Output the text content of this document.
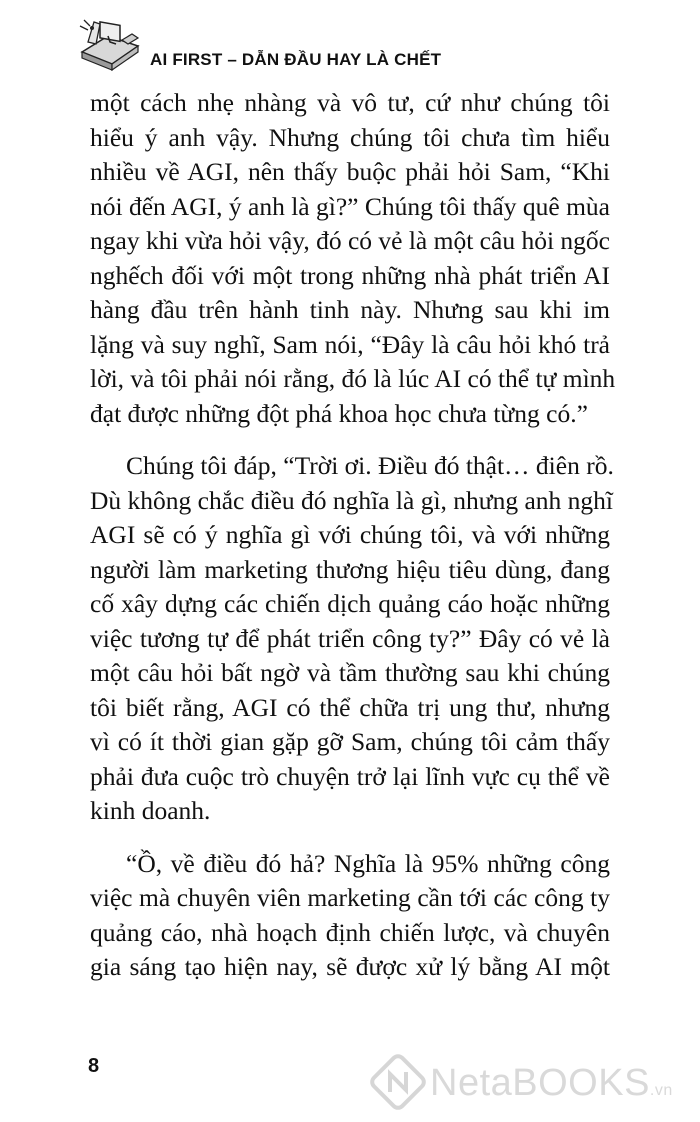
AI FIRST – DẪN ĐẦU HAY LÀ CHẾT

một cách nhẹ nhàng và vô tư, cứ như chúng tôi
hiểu ý anh vậy. Nhưng chúng tôi chưa tìm hiểu
nhiều về AGI, nên thấy buộc phải hỏi Sam, “Khi
nói đến AGI, ý anh là gì?” Chúng tôi thấy quê mùa
ngay khi vừa hỏi vậy, đó có vẻ là một câu hỏi ngốc
nghếch đối với một trong những nhà phát triển AI
hàng đầu trên hành tinh này. Nhưng sau khi im
lặng và suy nghĩ, Sam nói, “Đây là câu hỏi khó trả
lời, và tôi phải nói rằng, đó là lúc AI có thể tự mình
đạt được những đột phá khoa học chưa từng có.”

Chúng tôi đáp, “Trời ơi. Điều đó thật… điên rồ.
Dù không chắc điều đó nghĩa là gì, nhưng anh nghĩ
AGI sẽ có ý nghĩa gì với chúng tôi, và với những
người làm marketing thương hiệu tiêu dùng, đang
cố xây dựng các chiến dịch quảng cáo hoặc những
việc tương tự để phát triển công ty?” Đây có vẻ là
một câu hỏi bất ngờ và tầm thường sau khi chúng
tôi biết rằng, AGI có thể chữa trị ung thư, nhưng
vì có ít thời gian gặp gỡ Sam, chúng tôi cảm thấy
phải đưa cuộc trò chuyện trở lại lĩnh vực cụ thể về
kinh doanh.

“Ồ, về điều đó hả? Nghĩa là 95% những công
việc mà chuyên viên marketing cần tới các công ty
quảng cáo, nhà hoạch định chiến lược, và chuyên
gia sáng tạo hiện nay, sẽ được xử lý bằng AI một

8	NetaBOOKS.vn
